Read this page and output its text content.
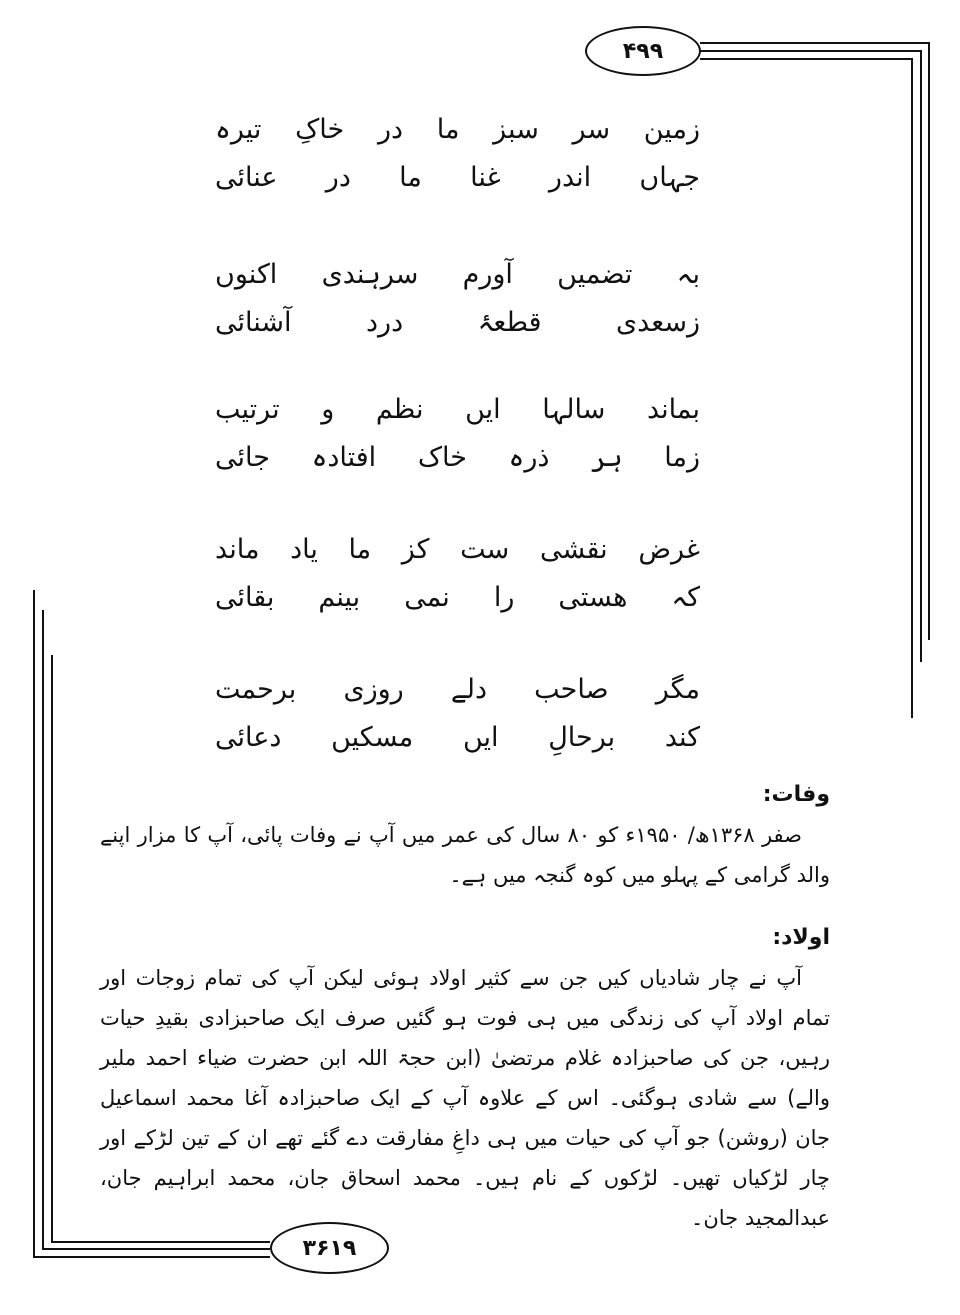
۴۹۹
۳۶۱۹
زمین
سر
سبز
ما
در
خاکِ
تیرہ
جہاں
اندر
غنا
ما
در
عنائی
بہ
تضمیں
آورم
سرہندی
اکنوں
زسعدی
قطعۂ
درد
آشنائی
بماند
سالہا
ایں
نظم
و
ترتیب
زما
ہر
ذرہ
خاک
افتادہ
جائی
غرض
نقشی
ست
کز
ما
یاد
ماند
کہ
ھستی
را
نمی
بینم
بقائی
مگر
صاحب
دلے
روزی
برحمت
کند
برحالِ
ایں
مسکیں
دعائی
وفات:
صفر ۱۳۶۸ھ/ ۱۹۵۰ء کو ۸۰ سال کی عمر میں آپ نے وفات پائی، آپ کا مزار اپنے والد گرامی کے پہلو میں کوہ گنجہ میں ہے۔
اولاد:
آپ نے چار شادیاں کیں جن سے کثیر اولاد ہوئی لیکن آپ کی تمام زوجات اور تمام اولاد آپ کی زندگی میں ہی فوت ہو گئیں صرف ایک صاحبزادی بقیدِ حیات رہیں، جن کی صاحبزادہ غلام مرتضیٰ (ابن حجۃ اللہ ابن حضرت ضیاء احمد ملیر والے) سے شادی ہوگئی۔ اس کے علاوہ آپ کے ایک صاحبزادہ آغا محمد اسماعیل جان (روشن) جو آپ کی حیات میں ہی داغِ مفارقت دے گئے تھے ان کے تین لڑکے اور چار لڑکیاں تھیں۔ لڑکوں کے نام ہیں۔ محمد اسحاق جان، محمد ابراہیم جان، عبدالمجید جان۔
